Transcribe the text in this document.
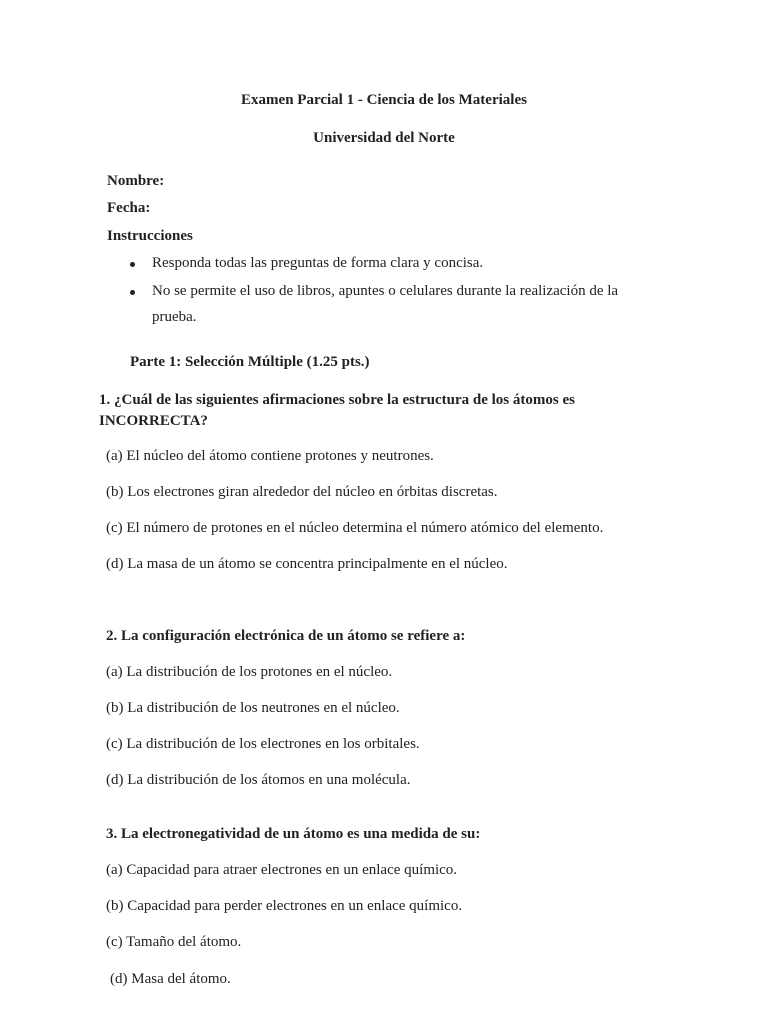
Examen Parcial 1 - Ciencia de los Materiales
Universidad del Norte
Nombre:
Fecha:
Instrucciones
Responda todas las preguntas de forma clara y concisa.
No se permite el uso de libros, apuntes o celulares durante la realización de la
prueba.
Parte 1: Selección Múltiple (1.25 pts.)
1. ¿Cuál de las siguientes afirmaciones sobre la estructura de los átomos es
INCORRECTA?
(a) El núcleo del átomo contiene protones y neutrones.
(b) Los electrones giran alrededor del núcleo en órbitas discretas.
(c) El número de protones en el núcleo determina el número atómico del elemento.
(d) La masa de un átomo se concentra principalmente en el núcleo.
2. La configuración electrónica de un átomo se refiere a:
(a) La distribución de los protones en el núcleo.
(b) La distribución de los neutrones en el núcleo.
(c) La distribución de los electrones en los orbitales.
(d) La distribución de los átomos en una molécula.
3. La electronegatividad de un átomo es una medida de su:
(a) Capacidad para atraer electrones en un enlace químico.
(b) Capacidad para perder electrones en un enlace químico.
(c) Tamaño del átomo.
(d) Masa del átomo.
